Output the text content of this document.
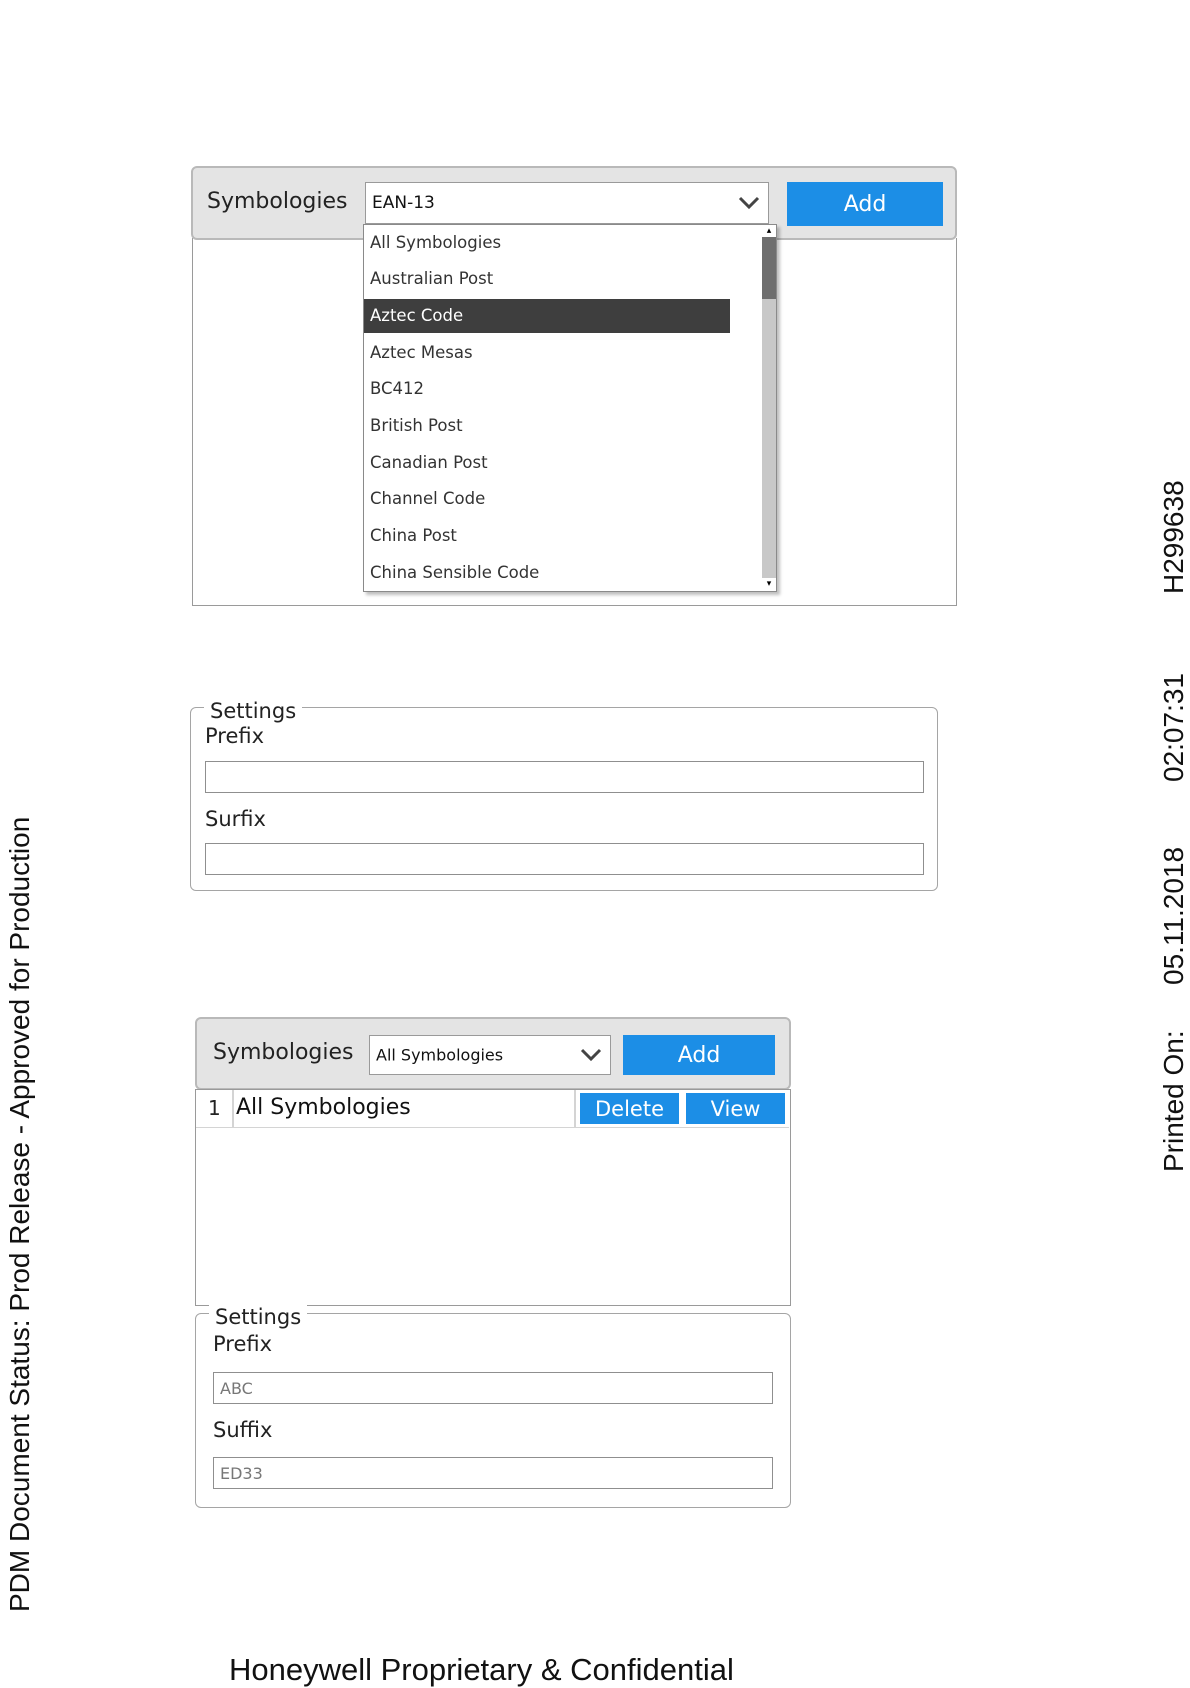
Symbologies EAN-13	Add
All Symbologies
Australian Post
Aztec Code
Aztec Mesas
BC412
British Post
Canadian Post
Channel Code
China Post
China Sensible Code
▴
▾
Settings
Prefix
Surfix
Symbologies All Symbologies	Add
1 All Symbologies	Delete	View
Settings
Prefix
ABC
Suffix
ED33
PDM Document Status: Prod Release - Approved for Production	Printed On:
05.11.2018
02:07:31
H299638
Honeywell Proprietary & Confidential
